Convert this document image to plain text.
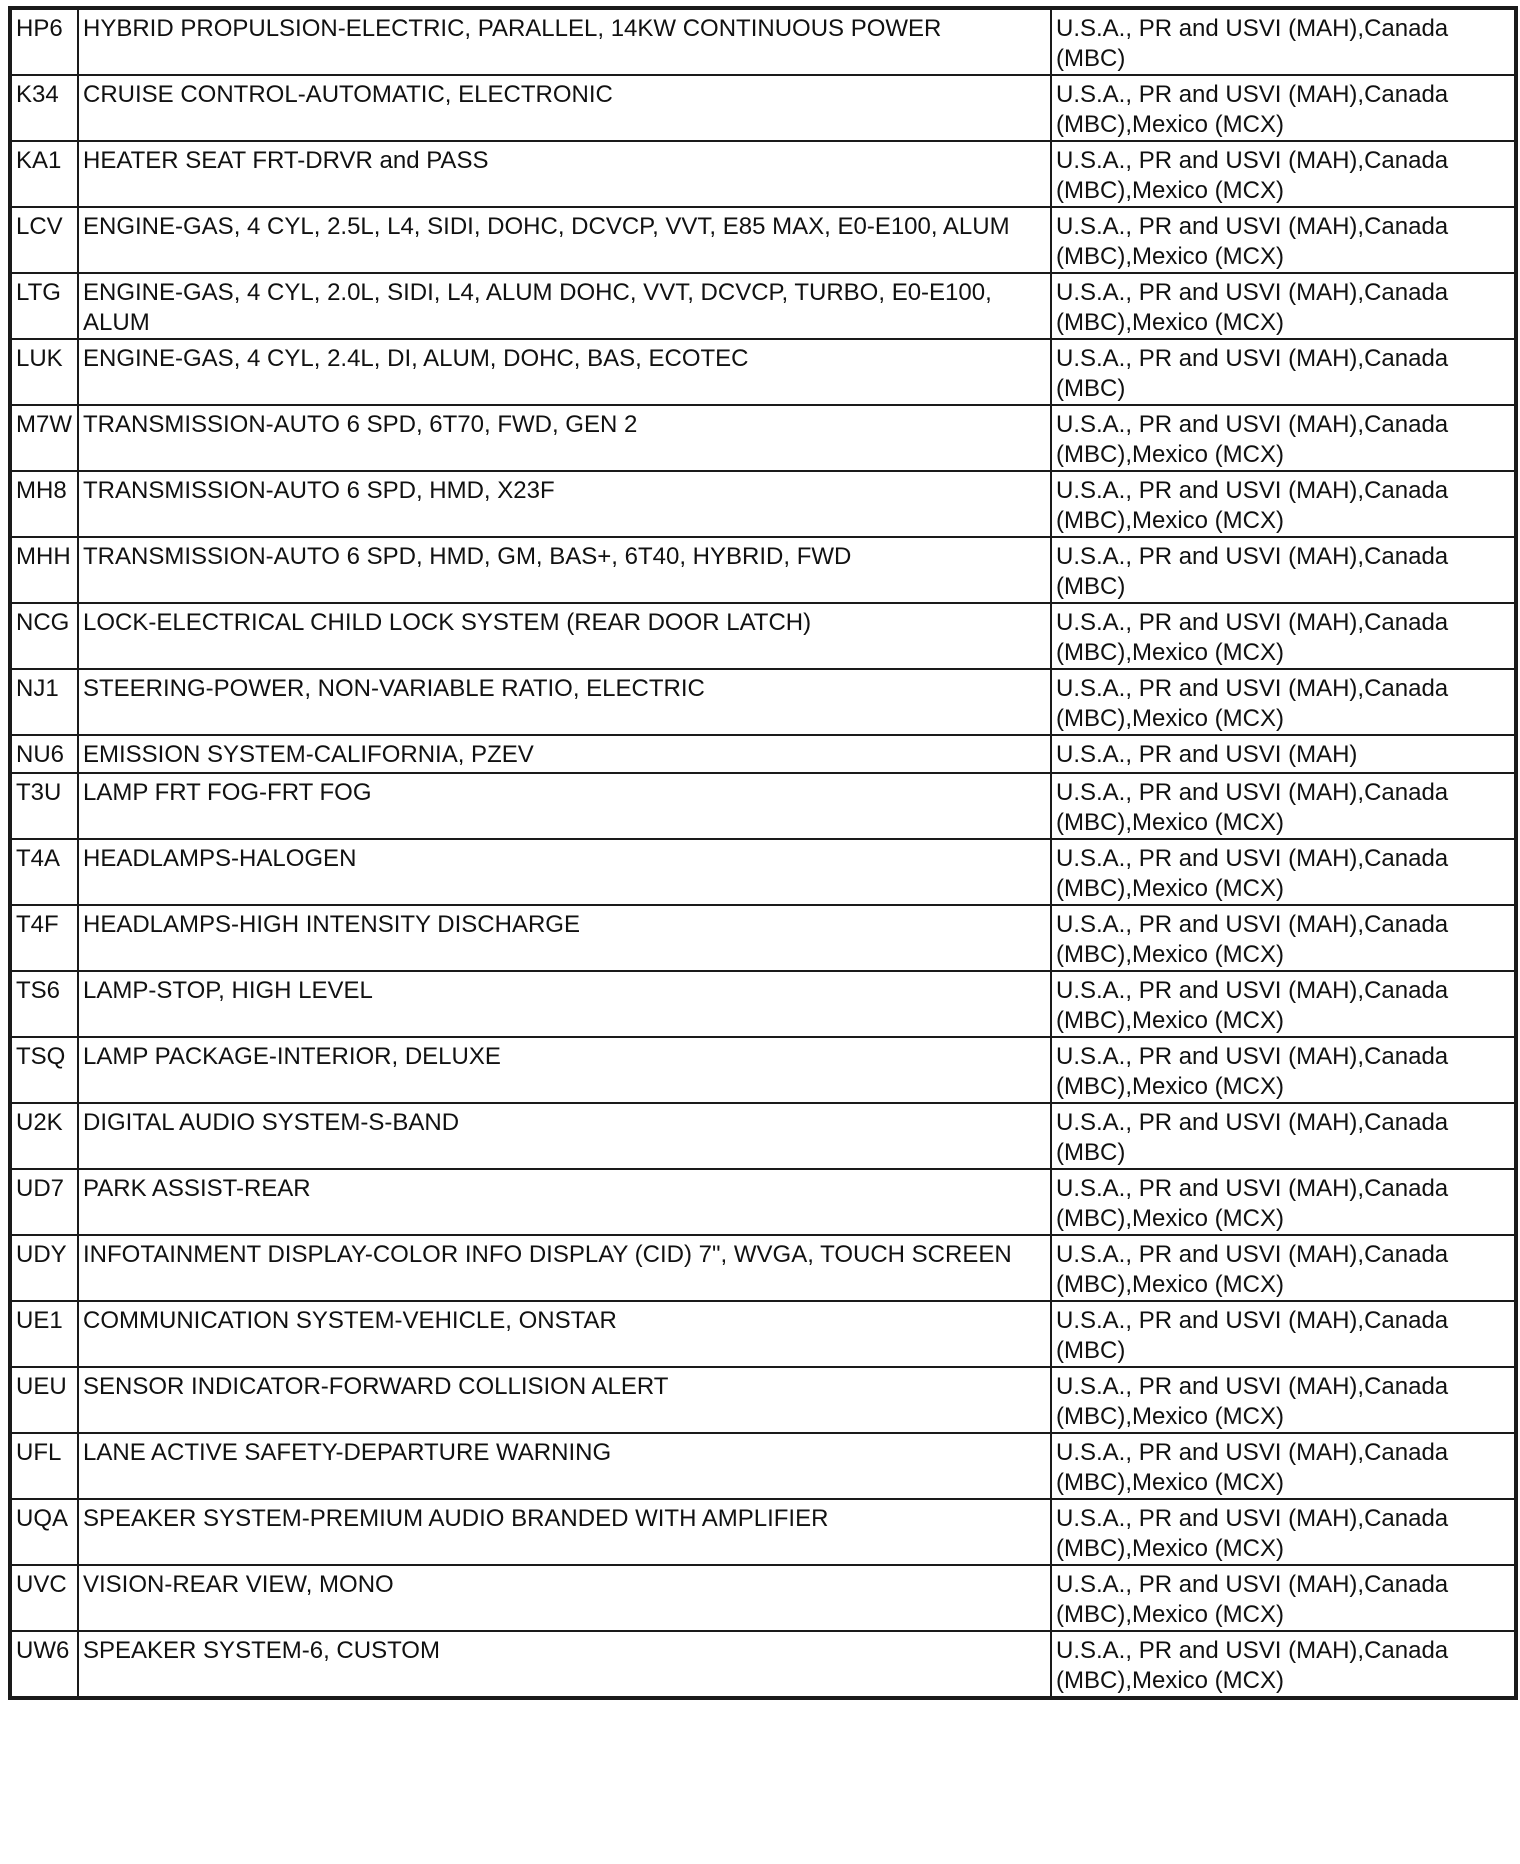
HP6	HYBRID PROPULSION-ELECTRIC, PARALLEL, 14KW CONTINUOUS POWER	U.S.A., PR and USVI (MAH),Canada (MBC)
K34	CRUISE CONTROL-AUTOMATIC, ELECTRONIC	U.S.A., PR and USVI (MAH),Canada (MBC),Mexico (MCX)
KA1	HEATER SEAT FRT-DRVR and PASS	U.S.A., PR and USVI (MAH),Canada (MBC),Mexico (MCX)
LCV	ENGINE-GAS, 4 CYL, 2.5L, L4, SIDI, DOHC, DCVCP, VVT, E85 MAX, E0-E100, ALUM	U.S.A., PR and USVI (MAH),Canada (MBC),Mexico (MCX)
LTG	ENGINE-GAS, 4 CYL, 2.0L, SIDI, L4, ALUM DOHC, VVT, DCVCP, TURBO, E0-E100, ALUM	U.S.A., PR and USVI (MAH),Canada (MBC),Mexico (MCX)
LUK	ENGINE-GAS, 4 CYL, 2.4L, DI, ALUM, DOHC, BAS, ECOTEC	U.S.A., PR and USVI (MAH),Canada (MBC)
M7W	TRANSMISSION-AUTO 6 SPD, 6T70, FWD, GEN 2	U.S.A., PR and USVI (MAH),Canada (MBC),Mexico (MCX)
MH8	TRANSMISSION-AUTO 6 SPD, HMD, X23F	U.S.A., PR and USVI (MAH),Canada (MBC),Mexico (MCX)
MHH	TRANSMISSION-AUTO 6 SPD, HMD, GM, BAS+, 6T40, HYBRID, FWD	U.S.A., PR and USVI (MAH),Canada (MBC)
NCG	LOCK-ELECTRICAL CHILD LOCK SYSTEM (REAR DOOR LATCH)	U.S.A., PR and USVI (MAH),Canada (MBC),Mexico (MCX)
NJ1	STEERING-POWER, NON-VARIABLE RATIO, ELECTRIC	U.S.A., PR and USVI (MAH),Canada (MBC),Mexico (MCX)
NU6	EMISSION SYSTEM-CALIFORNIA, PZEV	U.S.A., PR and USVI (MAH)
T3U	LAMP FRT FOG-FRT FOG	U.S.A., PR and USVI (MAH),Canada (MBC),Mexico (MCX)
T4A	HEADLAMPS-HALOGEN	U.S.A., PR and USVI (MAH),Canada (MBC),Mexico (MCX)
T4F	HEADLAMPS-HIGH INTENSITY DISCHARGE	U.S.A., PR and USVI (MAH),Canada (MBC),Mexico (MCX)
TS6	LAMP-STOP, HIGH LEVEL	U.S.A., PR and USVI (MAH),Canada (MBC),Mexico (MCX)
TSQ	LAMP PACKAGE-INTERIOR, DELUXE	U.S.A., PR and USVI (MAH),Canada (MBC),Mexico (MCX)
U2K	DIGITAL AUDIO SYSTEM-S-BAND	U.S.A., PR and USVI (MAH),Canada (MBC)
UD7	PARK ASSIST-REAR	U.S.A., PR and USVI (MAH),Canada (MBC),Mexico (MCX)
UDY	INFOTAINMENT DISPLAY-COLOR INFO DISPLAY (CID) 7", WVGA, TOUCH SCREEN	U.S.A., PR and USVI (MAH),Canada (MBC),Mexico (MCX)
UE1	COMMUNICATION SYSTEM-VEHICLE, ONSTAR	U.S.A., PR and USVI (MAH),Canada (MBC)
UEU	SENSOR INDICATOR-FORWARD COLLISION ALERT	U.S.A., PR and USVI (MAH),Canada (MBC),Mexico (MCX)
UFL	LANE ACTIVE SAFETY-DEPARTURE WARNING	U.S.A., PR and USVI (MAH),Canada (MBC),Mexico (MCX)
UQA	SPEAKER SYSTEM-PREMIUM AUDIO BRANDED WITH AMPLIFIER	U.S.A., PR and USVI (MAH),Canada (MBC),Mexico (MCX)
UVC	VISION-REAR VIEW, MONO	U.S.A., PR and USVI (MAH),Canada (MBC),Mexico (MCX)
UW6	SPEAKER SYSTEM-6, CUSTOM	U.S.A., PR and USVI (MAH),Canada (MBC),Mexico (MCX)
